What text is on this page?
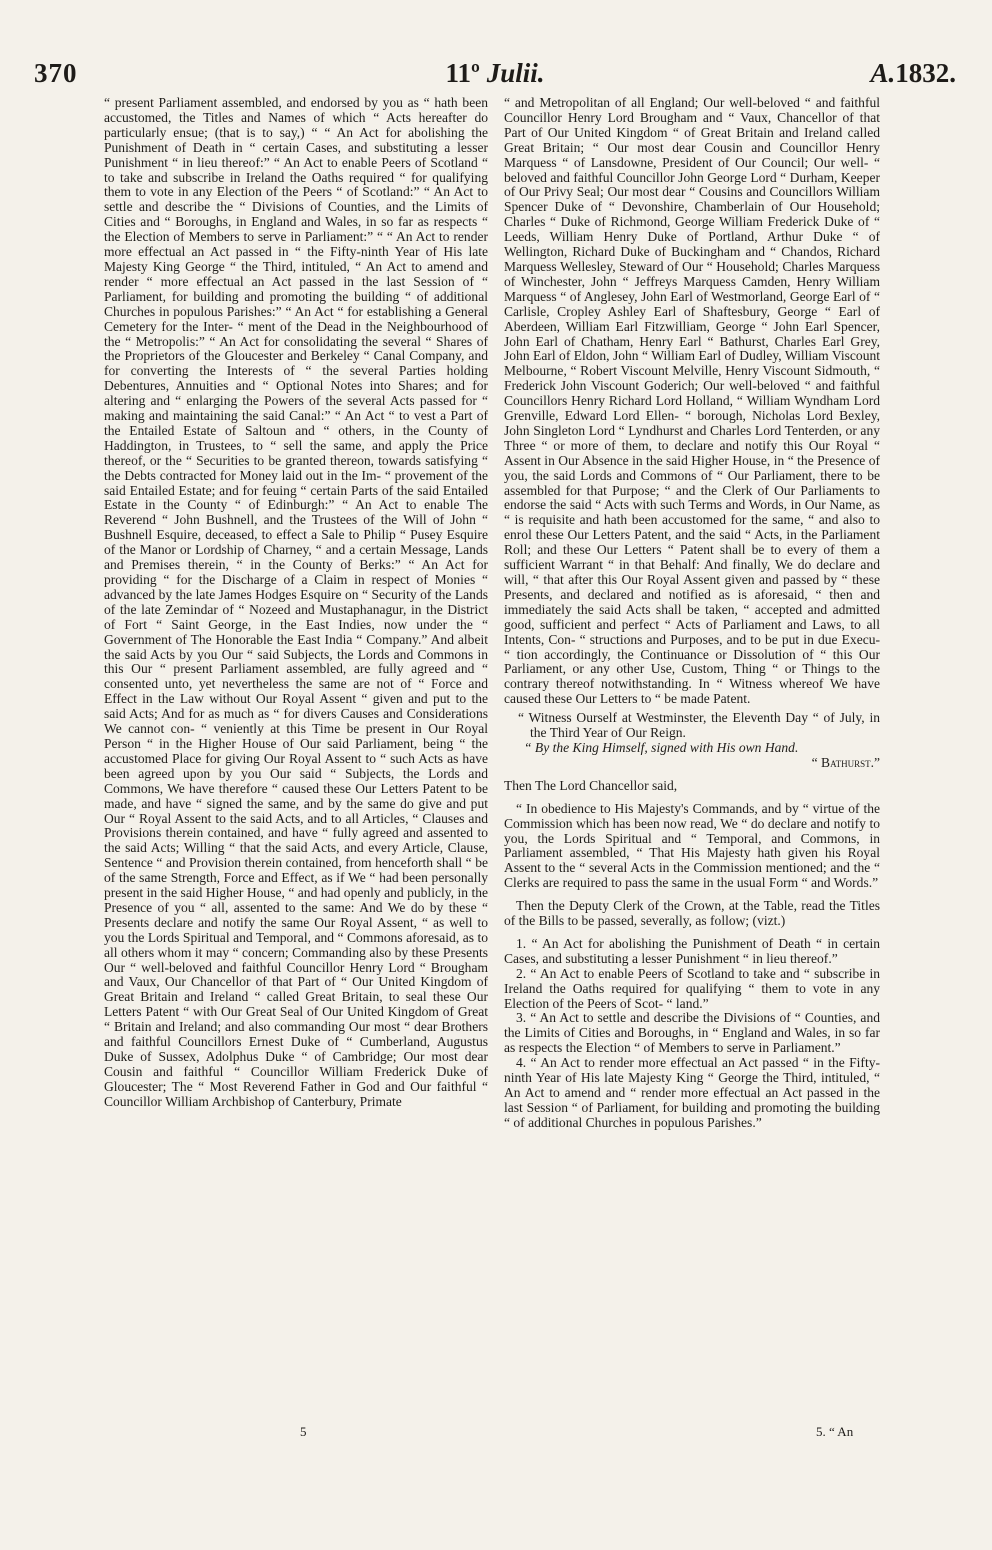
370	11º Julii.	A.1832.

“ present Parliament assembled, and endorsed by you as “ hath been accustomed, the Titles and Names of which “ Acts hereafter do particularly ensue; (that is to say,) “ “ An Act for abolishing the Punishment of Death in “ certain Cases, and substituting a lesser Punishment “ in lieu thereof:” “ An Act to enable Peers of Scotland “ to take and subscribe in Ireland the Oaths required “ for qualifying them to vote in any Election of the Peers “ of Scotland:” “ An Act to settle and describe the “ Divisions of Counties, and the Limits of Cities and “ Boroughs, in England and Wales, in so far as respects “ the Election of Members to serve in Parliament:” “ “ An Act to render more effectual an Act passed in “ the Fifty-ninth Year of His late Majesty King George “ the Third, intituled, “ An Act to amend and render “ more effectual an Act passed in the last Session of “ Parliament, for building and promoting the building “ of additional Churches in populous Parishes:” “ An Act “ for establishing a General Cemetery for the Inter- “ ment of the Dead in the Neighbourhood of the “ Metropolis:” “ An Act for consolidating the several “ Shares of the Proprietors of the Gloucester and Berkeley “ Canal Company, and for converting the Interests of “ the several Parties holding Debentures, Annuities and “ Optional Notes into Shares; and for altering and “ enlarging the Powers of the several Acts passed for “ making and maintaining the said Canal:” “ An Act “ to vest a Part of the Entailed Estate of Saltoun and “ others, in the County of Haddington, in Trustees, to “ sell the same, and apply the Price thereof, or the “ Securities to be granted thereon, towards satisfying “ the Debts contracted for Money laid out in the Im- “ provement of the said Entailed Estate; and for feuing “ certain Parts of the said Entailed Estate in the County “ of Edinburgh:” “ An Act to enable The Reverend “ John Bushnell, and the Trustees of the Will of John “ Bushnell Esquire, deceased, to effect a Sale to Philip “ Pusey Esquire of the Manor or Lordship of Charney, “ and a certain Message, Lands and Premises therein, “ in the County of Berks:” “ An Act for providing “ for the Discharge of a Claim in respect of Monies “ advanced by the late James Hodges Esquire on “ Security of the Lands of the late Zemindar of “ Nozeed and Mustaphanagur, in the District of Fort “ Saint George, in the East Indies, now under the “ Government of The Honorable the East India “ Company.” And albeit the said Acts by you Our “ said Subjects, the Lords and Commons in this Our “ present Parliament assembled, are fully agreed and “ consented unto, yet nevertheless the same are not of “ Force and Effect in the Law without Our Royal Assent “ given and put to the said Acts; And for as much as “ for divers Causes and Considerations We cannot con- “ veniently at this Time be present in Our Royal Person “ in the Higher House of Our said Parliament, being “ the accustomed Place for giving Our Royal Assent to “ such Acts as have been agreed upon by you Our said “ Subjects, the Lords and Commons, We have therefore “ caused these Our Letters Patent to be made, and have “ signed the same, and by the same do give and put Our “ Royal Assent to the said Acts, and to all Articles, “ Clauses and Provisions therein contained, and have “ fully agreed and assented to the said Acts; Willing “ that the said Acts, and every Article, Clause, Sentence “ and Provision therein contained, from henceforth shall “ be of the same Strength, Force and Effect, as if We “ had been personally present in the said Higher House, “ and had openly and publicly, in the Presence of you “ all, assented to the same: And We do by these “ Presents declare and notify the same Our Royal Assent, “ as well to you the Lords Spiritual and Temporal, and “ Commons aforesaid, as to all others whom it may “ concern; Commanding also by these Presents Our “ well-beloved and faithful Councillor Henry Lord “ Brougham and Vaux, Our Chancellor of that Part of “ Our United Kingdom of Great Britain and Ireland “ called Great Britain, to seal these Our Letters Patent “ with Our Great Seal of Our United Kingdom of Great “ Britain and Ireland; and also commanding Our most “ dear Brothers and faithful Councillors Ernest Duke of “ Cumberland, Augustus Duke of Sussex, Adolphus Duke “ of Cambridge; Our most dear Cousin and faithful “ Councillor William Frederick Duke of Gloucester; The “ Most Reverend Father in God and Our faithful “ Councillor William Archbishop of Canterbury, Primate

“ and Metropolitan of all England; Our well-beloved “ and faithful Councillor Henry Lord Brougham and “ Vaux, Chancellor of that Part of Our United Kingdom “ of Great Britain and Ireland called Great Britain; “ Our most dear Cousin and Councillor Henry Marquess “ of Lansdowne, President of Our Council; Our well- “ beloved and faithful Councillor John George Lord “ Durham, Keeper of Our Privy Seal; Our most dear “ Cousins and Councillors William Spencer Duke of “ Devonshire, Chamberlain of Our Household; Charles “ Duke of Richmond, George William Frederick Duke of “ Leeds, William Henry Duke of Portland, Arthur Duke “ of Wellington, Richard Duke of Buckingham and “ Chandos, Richard Marquess Wellesley, Steward of Our “ Household; Charles Marquess of Winchester, John “ Jeffreys Marquess Camden, Henry William Marquess “ of Anglesey, John Earl of Westmorland, George Earl of “ Carlisle, Cropley Ashley Earl of Shaftesbury, George “ Earl of Aberdeen, William Earl Fitzwilliam, George “ John Earl Spencer, John Earl of Chatham, Henry Earl “ Bathurst, Charles Earl Grey, John Earl of Eldon, John “ William Earl of Dudley, William Viscount Melbourne, “ Robert Viscount Melville, Henry Viscount Sidmouth, “ Frederick John Viscount Goderich; Our well-beloved “ and faithful Councillors Henry Richard Lord Holland, “ William Wyndham Lord Grenville, Edward Lord Ellen- “ borough, Nicholas Lord Bexley, John Singleton Lord “ Lyndhurst and Charles Lord Tenterden, or any Three “ or more of them, to declare and notify this Our Royal “ Assent in Our Absence in the said Higher House, in “ the Presence of you, the said Lords and Commons of “ Our Parliament, there to be assembled for that Purpose; “ and the Clerk of Our Parliaments to endorse the said “ Acts with such Terms and Words, in Our Name, as “ is requisite and hath been accustomed for the same, “ and also to enrol these Our Letters Patent, and the said “ Acts, in the Parliament Roll; and these Our Letters “ Patent shall be to every of them a sufficient Warrant “ in that Behalf: And finally, We do declare and will, “ that after this Our Royal Assent given and passed by “ these Presents, and declared and notified as is aforesaid, “ then and immediately the said Acts shall be taken, “ accepted and admitted good, sufficient and perfect “ Acts of Parliament and Laws, to all Intents, Con- “ structions and Purposes, and to be put in due Execu- “ tion accordingly, the Continuance or Dissolution of “ this Our Parliament, or any other Use, Custom, Thing “ or Things to the contrary thereof notwithstanding. In “ Witness whereof We have caused these Our Letters to “ be made Patent.

“ Witness Ourself at Westminster, the Eleventh Day “ of July, in the Third Year of Our Reign.

“ By the King Himself, signed with His own Hand.

“ Bathurst.”

Then The Lord Chancellor said,

“ In obedience to His Majesty's Commands, and by “ virtue of the Commission which has been now read, We “ do declare and notify to you, the Lords Spiritual and “ Temporal, and Commons, in Parliament assembled, “ That His Majesty hath given his Royal Assent to the “ several Acts in the Commission mentioned; and the “ Clerks are required to pass the same in the usual Form “ and Words.”

Then the Deputy Clerk of the Crown, at the Table, read the Titles of the Bills to be passed, severally, as follow; (vizt.)

1. “ An Act for abolishing the Punishment of Death “ in certain Cases, and substituting a lesser Punishment “ in lieu thereof.”

2. “ An Act to enable Peers of Scotland to take and “ subscribe in Ireland the Oaths required for qualifying “ them to vote in any Election of the Peers of Scot- “ land.”

3. “ An Act to settle and describe the Divisions of “ Counties, and the Limits of Cities and Boroughs, in “ England and Wales, in so far as respects the Election “ of Members to serve in Parliament.”

4. “ An Act to render more effectual an Act passed “ in the Fifty-ninth Year of His late Majesty King “ George the Third, intituled, “ An Act to amend and “ render more effectual an Act passed in the last Session “ of Parliament, for building and promoting the building “ of additional Churches in populous Parishes.”

5	5. “ An
